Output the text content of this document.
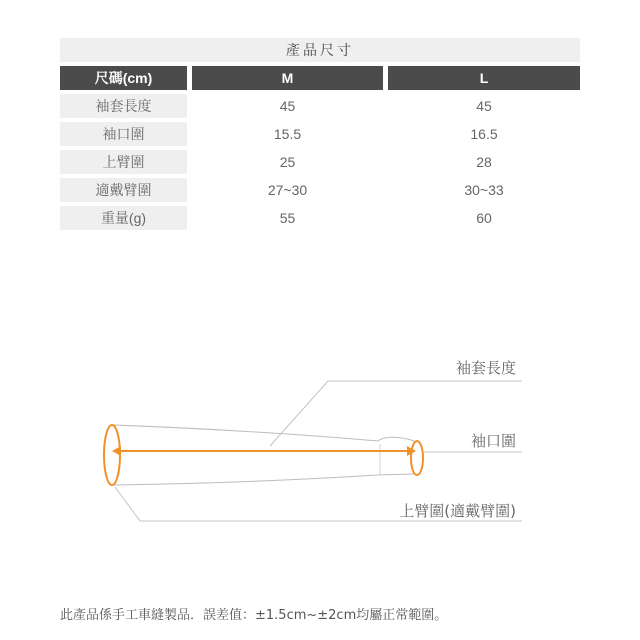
產品尺寸
尺碼(cm)	M	L
袖套長度	45	45
袖口圍	15.5	16.5
上臂圍	25	28
適戴臂圍	27~30	30~33
重量(g)	55	60
袖套長度
袖口圍
上臂圍(適戴臂圍)
此產品係手工車縫製品．誤差值：±1.5cm~±2cm均屬正常範圍。
